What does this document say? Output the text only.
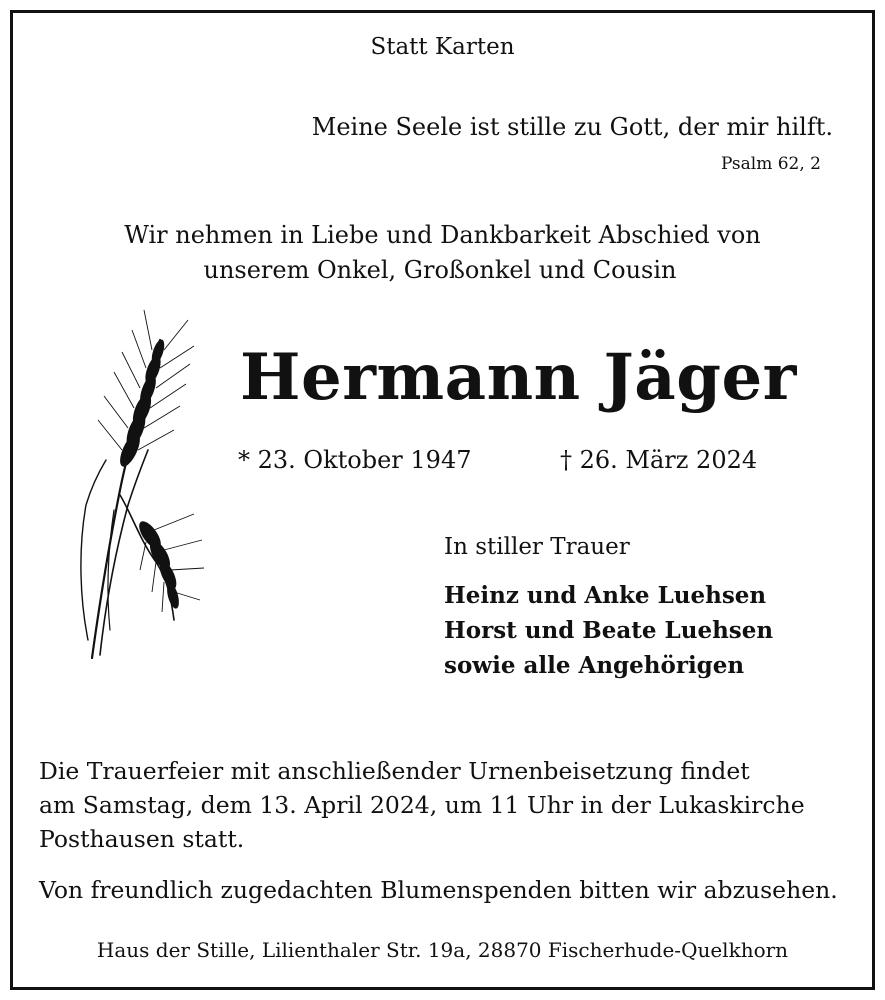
Statt Karten
Meine Seele ist stille zu Gott, der mir hilft.
Psalm 62, 2
Wir nehmen in Liebe und Dankbarkeit Abschied von
unserem Onkel, Großonkel und Cousin
Hermann Jäger
* 23. Oktober 1947	† 26. März 2024
In stiller Trauer
Heinz und Anke Luehsen
Horst und Beate Luehsen
sowie alle Angehörigen
Die Trauerfeier mit anschließender Urnenbeisetzung findet
am Samstag, dem 13. April 2024, um 11 Uhr in der Lukaskirche
Posthausen statt.
Von freundlich zugedachten Blumenspenden bitten wir abzusehen.
Haus der Stille, Lilienthaler Str. 19a, 28870 Fischerhude-Quelkhorn
